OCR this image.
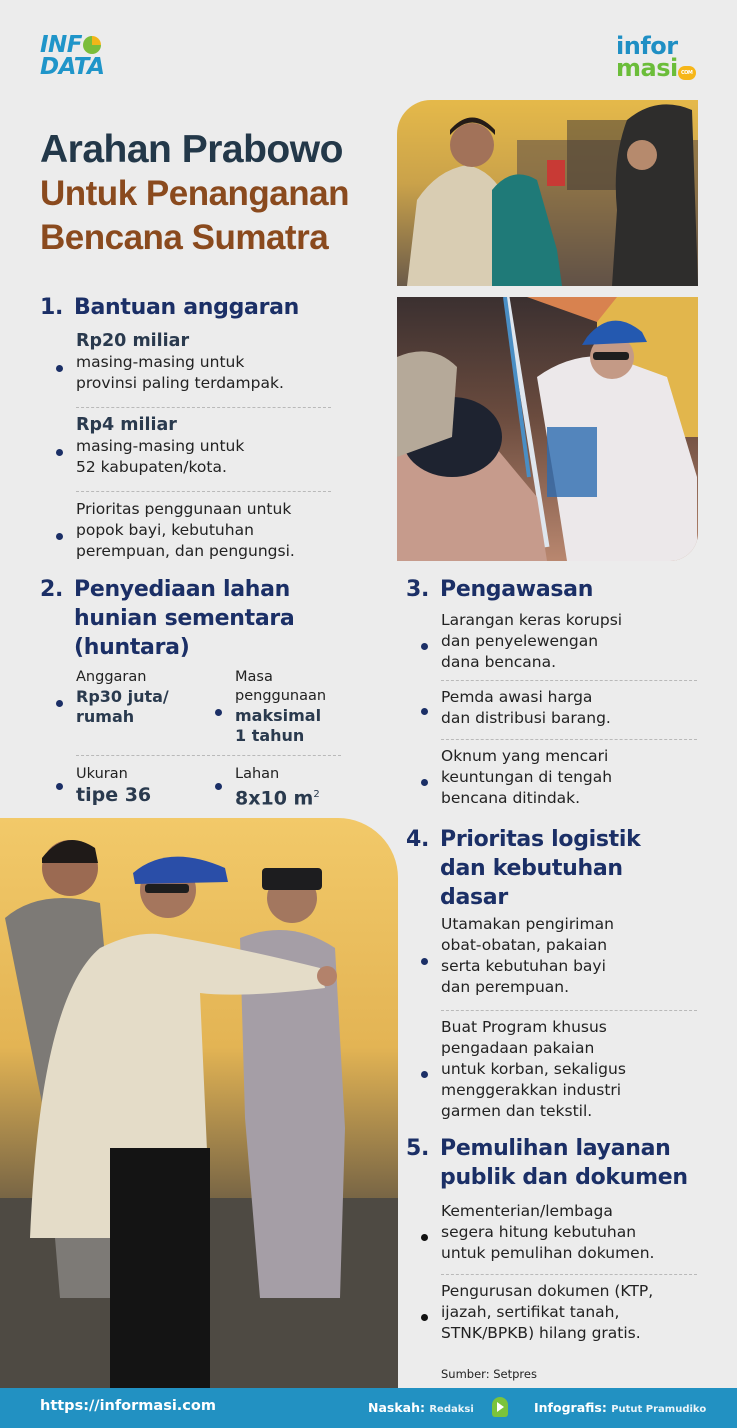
INF
DATA
infor
masi COM
Arahan Prabowo
Untuk Penanganan
Bencana Sumatra
1. Bantuan anggaran
Rp20 miliar
masing-masing untuk
provinsi paling terdampak.
Rp4 miliar
masing-masing untuk
52 kabupaten/kota.
Prioritas penggunaan untuk
popok bayi, kebutuhan
perempuan, dan pengungsi.
2. Penyediaan lahan
hunian sementara
(huntara)
Anggaran
Rp30 juta/
rumah
Masa
penggunaan
maksimal
1 tahun
Ukuran
tipe 36
Lahan
8x10 $m^2$
3. Pengawasan
Larangan keras korupsi
dan penyelewengan
dana bencana.
Pemda awasi harga
dan distribusi barang.
Oknum yang mencari
keuntungan di tengah
bencana ditindak.
4. Prioritas logistik
dan kebutuhan
dasar
Utamakan pengiriman
obat-obatan, pakaian
serta kebutuhan bayi
dan perempuan.
Buat Program khusus
pengadaan pakaian
untuk korban, sekaligus
menggerakkan industri
garmen dan tekstil.
5. Pemulihan layanan
publik dan dokumen
Kementerian/lembaga
segera hitung kebutuhan
untuk pemulihan dokumen.
Pengurusan dokumen (KTP,
ijazah, sertifikat tanah,
STNK/BPKB) hilang gratis.
Sumber: Setpres
https://informasi.com	Naskah: Redaksi	Infografis: Putut Pramudiko
